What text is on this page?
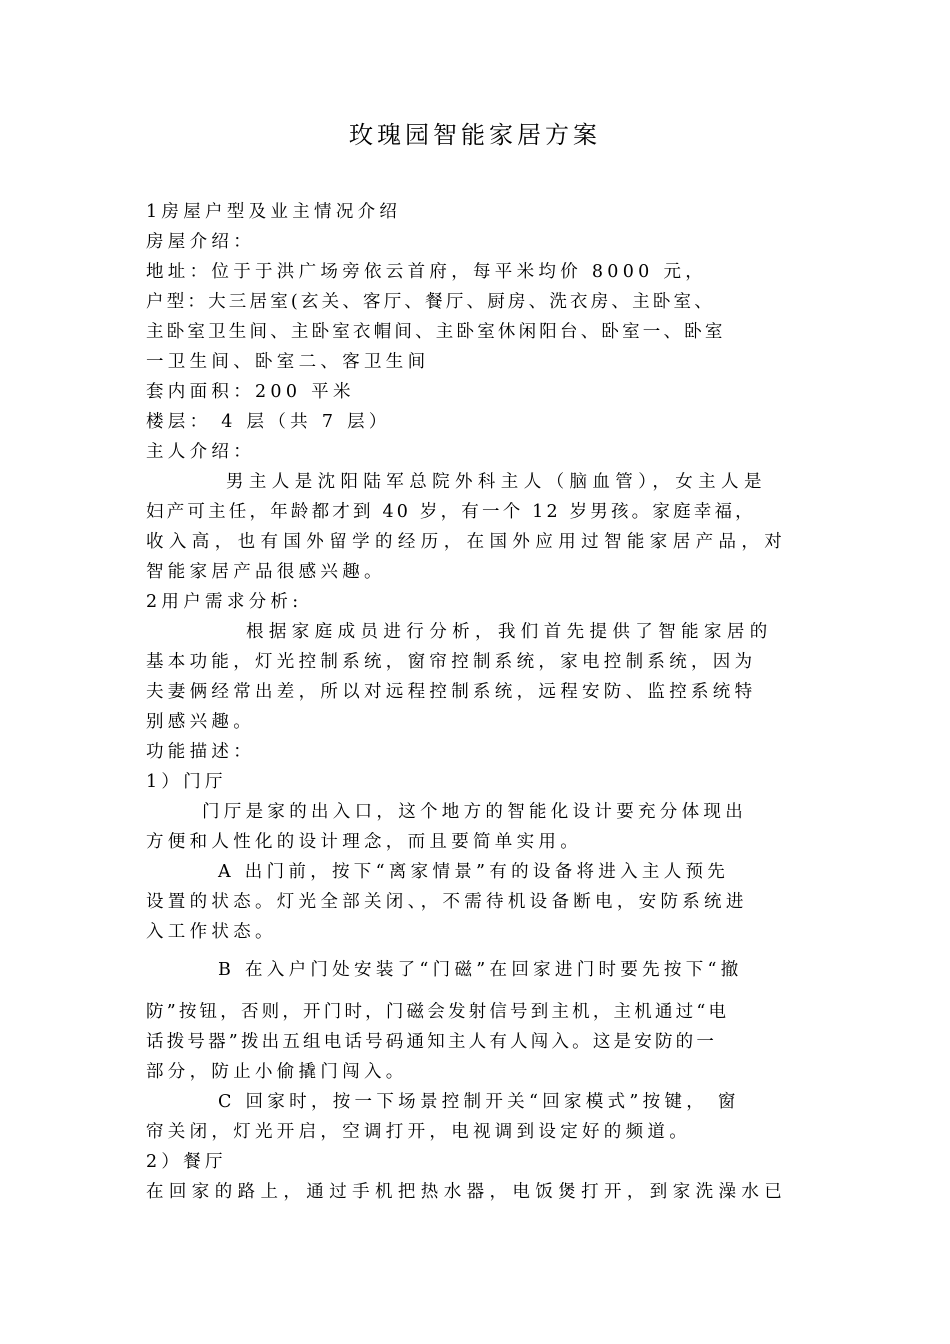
玫瑰园智能家居方案
1房屋户型及业主情况介绍
房屋介绍：
地址：位于于洪广场旁依云首府，每平米均价 8000 元，
户型：大三居室(玄关、客厅、餐厅、厨房、洗衣房、主卧室、
主卧室卫生间、主卧室衣帽间、主卧室休闲阳台、卧室一、卧室
一卫生间、卧室二、客卫生间
套内面积：200 平米
楼层： 4 层（共 7 层）
主人介绍：
男主人是沈阳陆军总院外科主人（脑血管），女主人是
妇产可主任，年龄都才到 40 岁，有一个 12 岁男孩。家庭幸福，
收入高，也有国外留学的经历，在国外应用过智能家居产品，对
智能家居产品很感兴趣。
2用户需求分析:
根据家庭成员进行分析，我们首先提供了智能家居的
基本功能，灯光控制系统，窗帘控制系统，家电控制系统，因为
夫妻俩经常出差，所以对远程控制系统，远程安防、监控系统特
别感兴趣。
功能描述：
1）门厅
门厅是家的出入口，这个地方的智能化设计要充分体现出
方便和人性化的设计理念，而且要简单实用。
A 出门前，按下“离家情景”有的设备将进入主人预先
设置的状态。灯光全部关闭、，不需待机设备断电，安防系统进
入工作状态。
B 在入户门处安装了“门磁”在回家进门时要先按下“撤
防”按钮，否则，开门时，门磁会发射信号到主机，主机通过“电
话拨号器”拨出五组电话号码通知主人有人闯入。这是安防的一
部分，防止小偷撬门闯入。
C 回家时，按一下场景控制开关“回家模式”按键， 窗
帘关闭，灯光开启，空调打开，电视调到设定好的频道。
2）餐厅
在回家的路上，通过手机把热水器，电饭煲打开，到家洗澡水已
